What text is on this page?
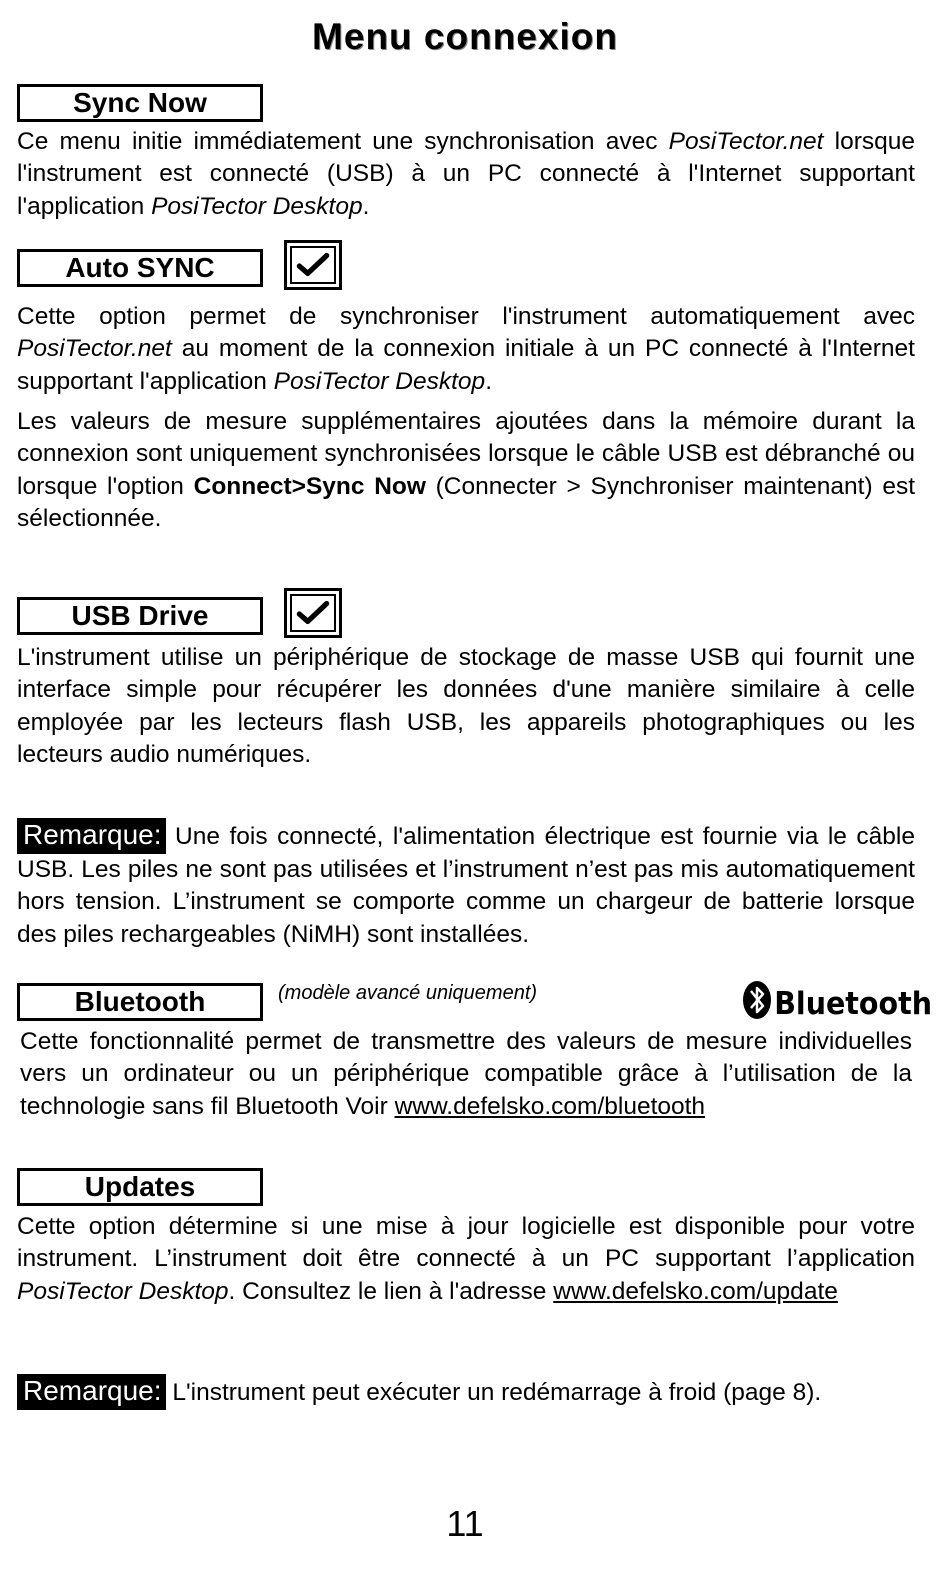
Menu connexion
Sync Now

Ce menu initie immédiatement une synchronisation avec PosiTector.net lorsque l'instrument est connecté (USB) à un PC connecté à l'Internet supportant l'application PosiTector Desktop.

Auto SYNC

Cette option permet de synchroniser l'instrument automatiquement avec PosiTector.net au moment de la connexion initiale à un PC connecté à l'Internet supportant l'application PosiTector Desktop.

Les valeurs de mesure supplémentaires ajoutées dans la mémoire durant la connexion sont uniquement synchronisées lorsque le câble USB est débranché ou lorsque l'option Connect>Sync Now (Connecter > Synchroniser maintenant) est sélectionnée.

USB Drive

L'instrument utilise un périphérique de stockage de masse USB qui fournit une interface simple pour récupérer les données d'une manière similaire à celle employée par les lecteurs flash USB, les appareils photographiques ou les lecteurs audio numériques.

Remarque: Une fois connecté, l'alimentation électrique est fournie via le câble USB. Les piles ne sont pas utilisées et l’instrument n’est pas mis automatiquement hors tension. L’instrument se comporte comme un chargeur de batterie lorsque des piles rechargeables (NiMH) sont installées.

Bluetooth	(modèle avancé uniquement)	Bluetooth

Cette fonctionnalité permet de transmettre des valeurs de mesure individuelles vers un ordinateur ou un périphérique compatible grâce à l’utilisation de la technologie sans fil Bluetooth Voir www.defelsko.com/bluetooth

Updates

Cette option détermine si une mise à jour logicielle est disponible pour votre instrument. L’instrument doit être connecté à un PC supportant l’application PosiTector Desktop. Consultez le lien à l'adresse www.defelsko.com/update

Remarque: L'instrument peut exécuter un redémarrage à froid (page 8).
11
